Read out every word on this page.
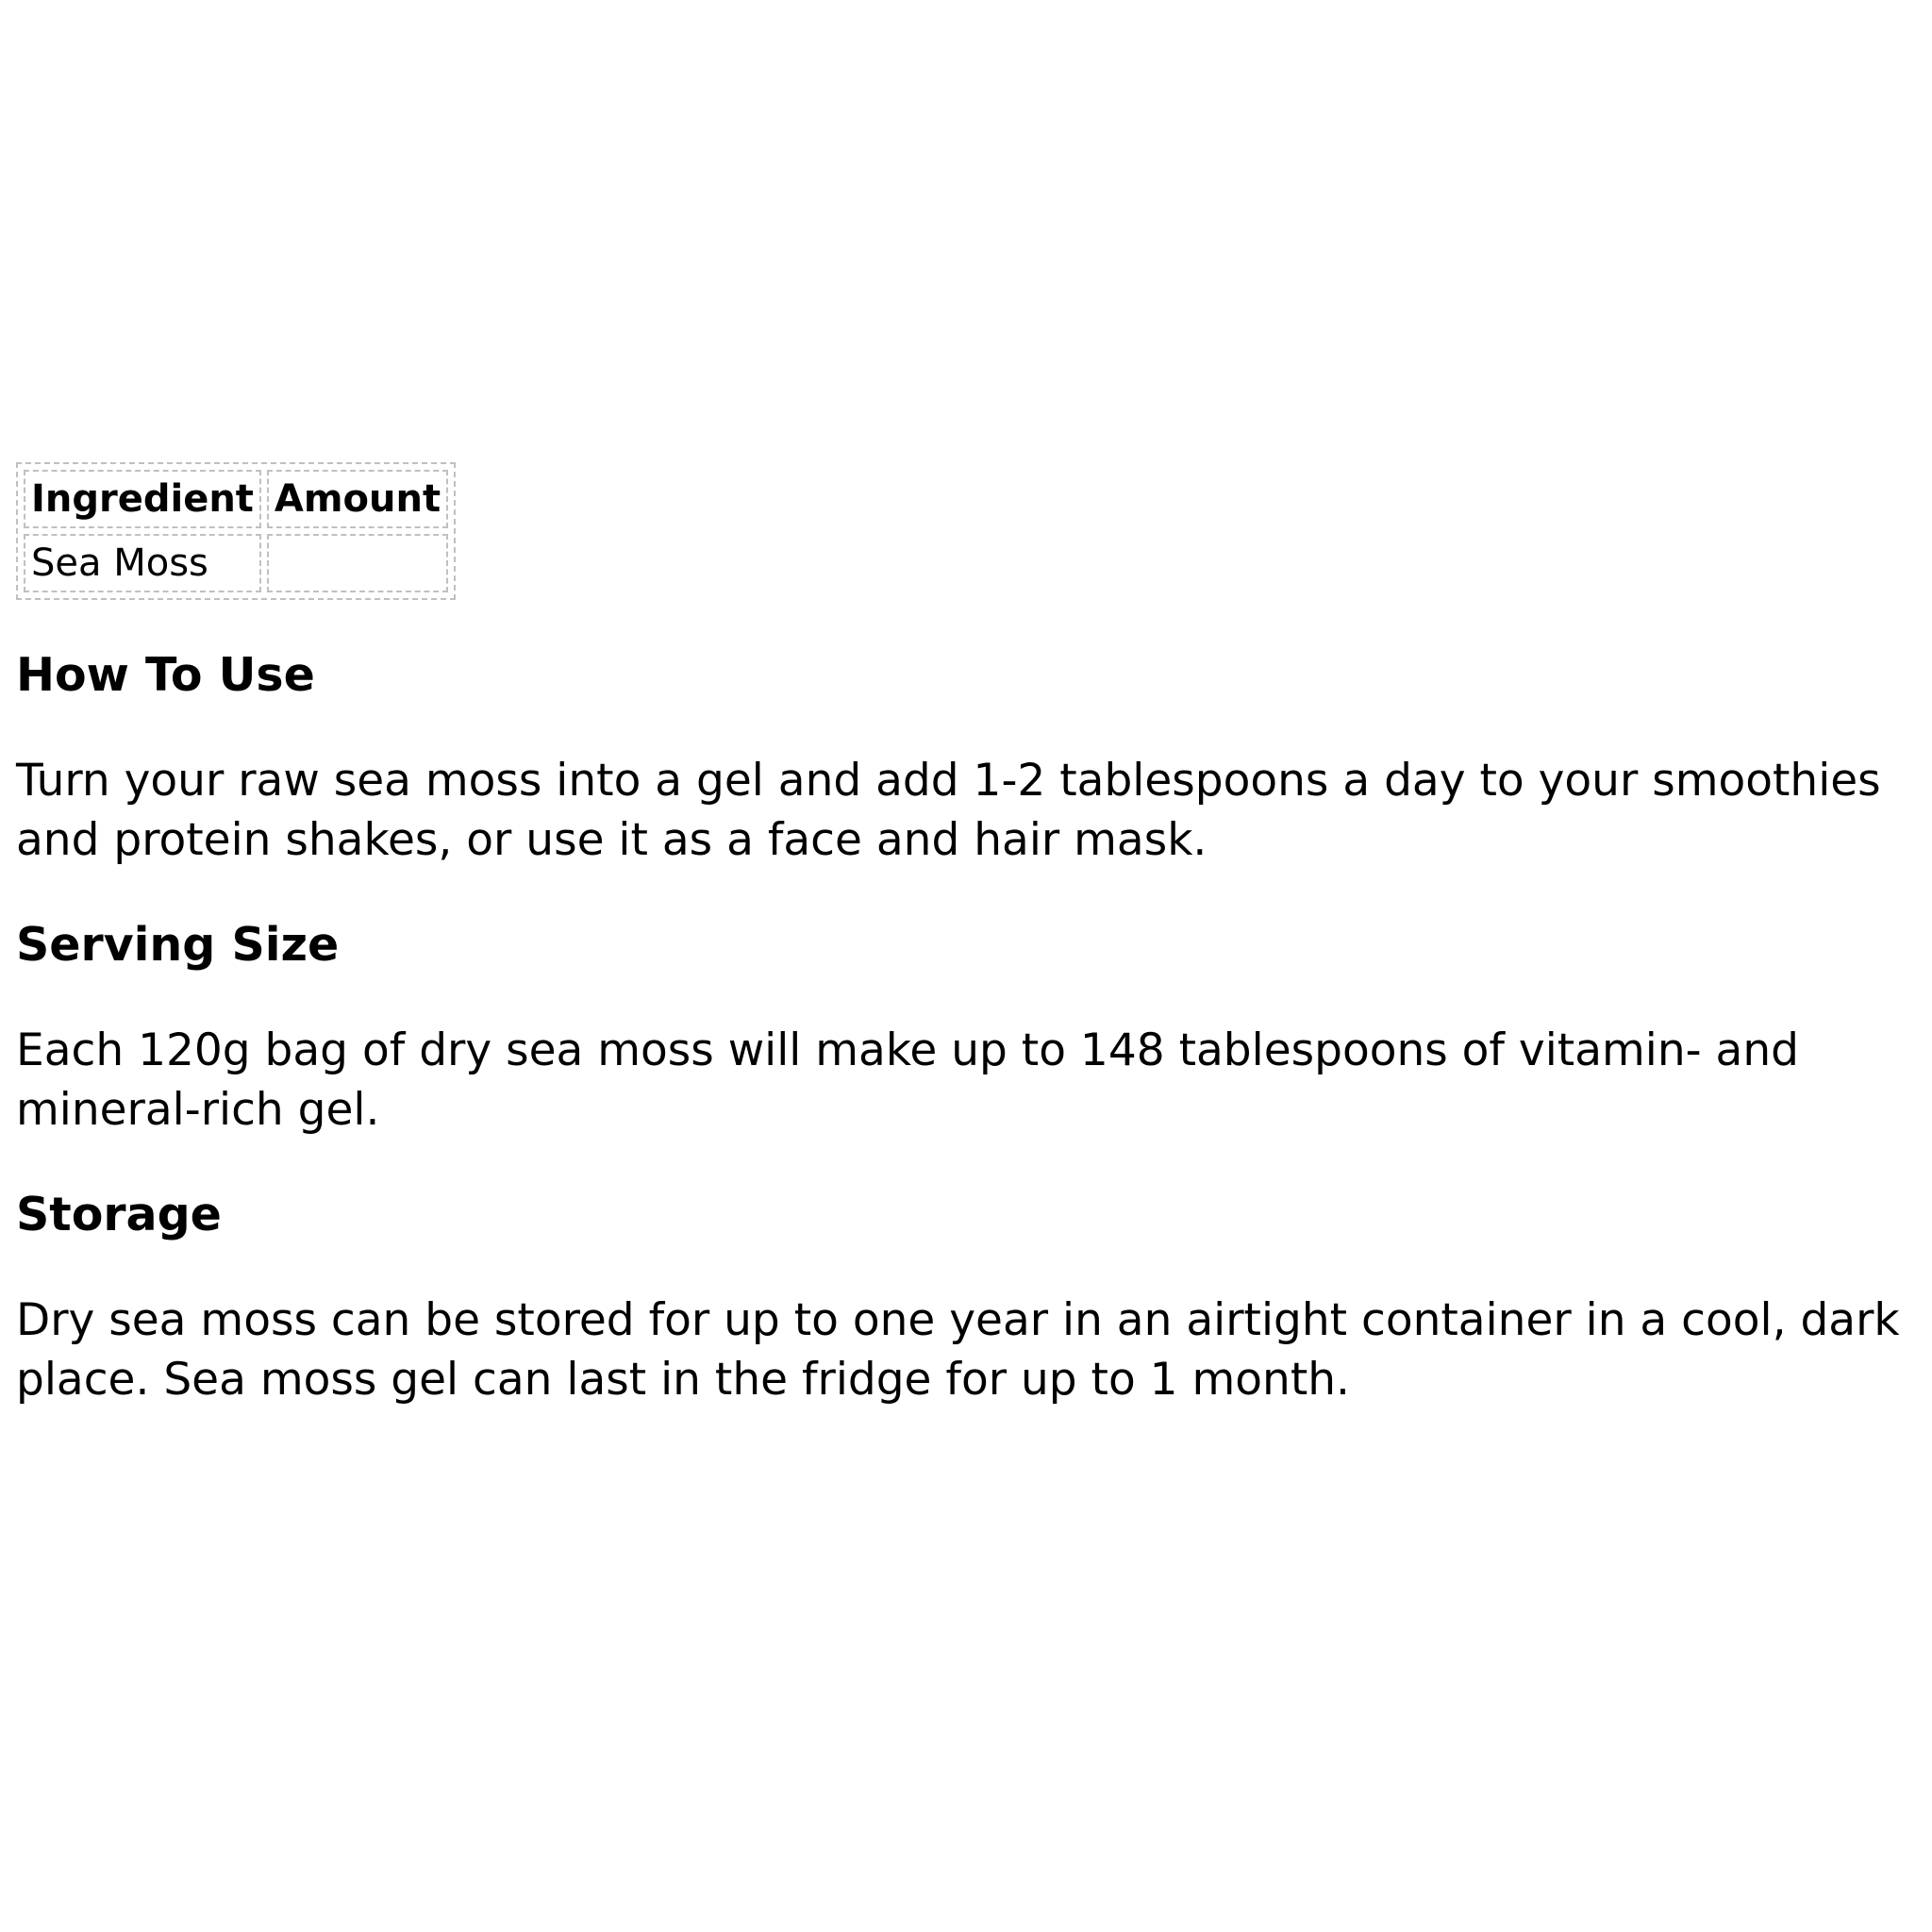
Ingredient	Amount
Sea Moss	
How To Use

Turn your raw sea moss into a gel and add 1-2 tablespoons a day to your smoothies and protein shakes, or use it as a face and hair mask.

Serving Size

Each 120g bag of dry sea moss will make up to 148 tablespoons of vitamin- and mineral-rich gel.

Storage

Dry sea moss can be stored for up to one year in an airtight container in a cool, dark place. Sea moss gel can last in the fridge for up to 1 month.
